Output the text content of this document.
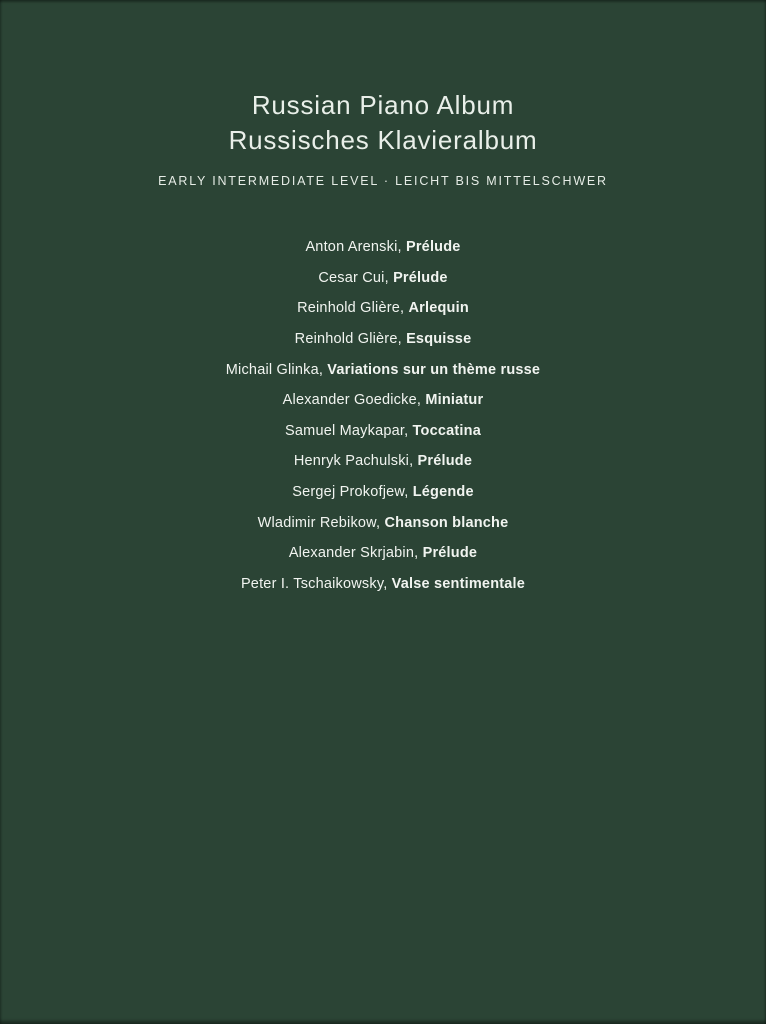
Russian Piano Album
Russisches Klavieralbum
EARLY INTERMEDIATE LEVEL · LEICHT BIS MITTELSCHWER
Anton Arenski, Prélude
Cesar Cui, Prélude
Reinhold Glière, Arlequin
Reinhold Glière, Esquisse
Michail Glinka, Variations sur un thème russe
Alexander Goedicke, Miniatur
Samuel Maykapar, Toccatina
Henryk Pachulski, Prélude
Sergej Prokofjew, Légende
Wladimir Rebikow, Chanson blanche
Alexander Skrjabin, Prélude
Peter I. Tschaikowsky, Valse sentimentale
